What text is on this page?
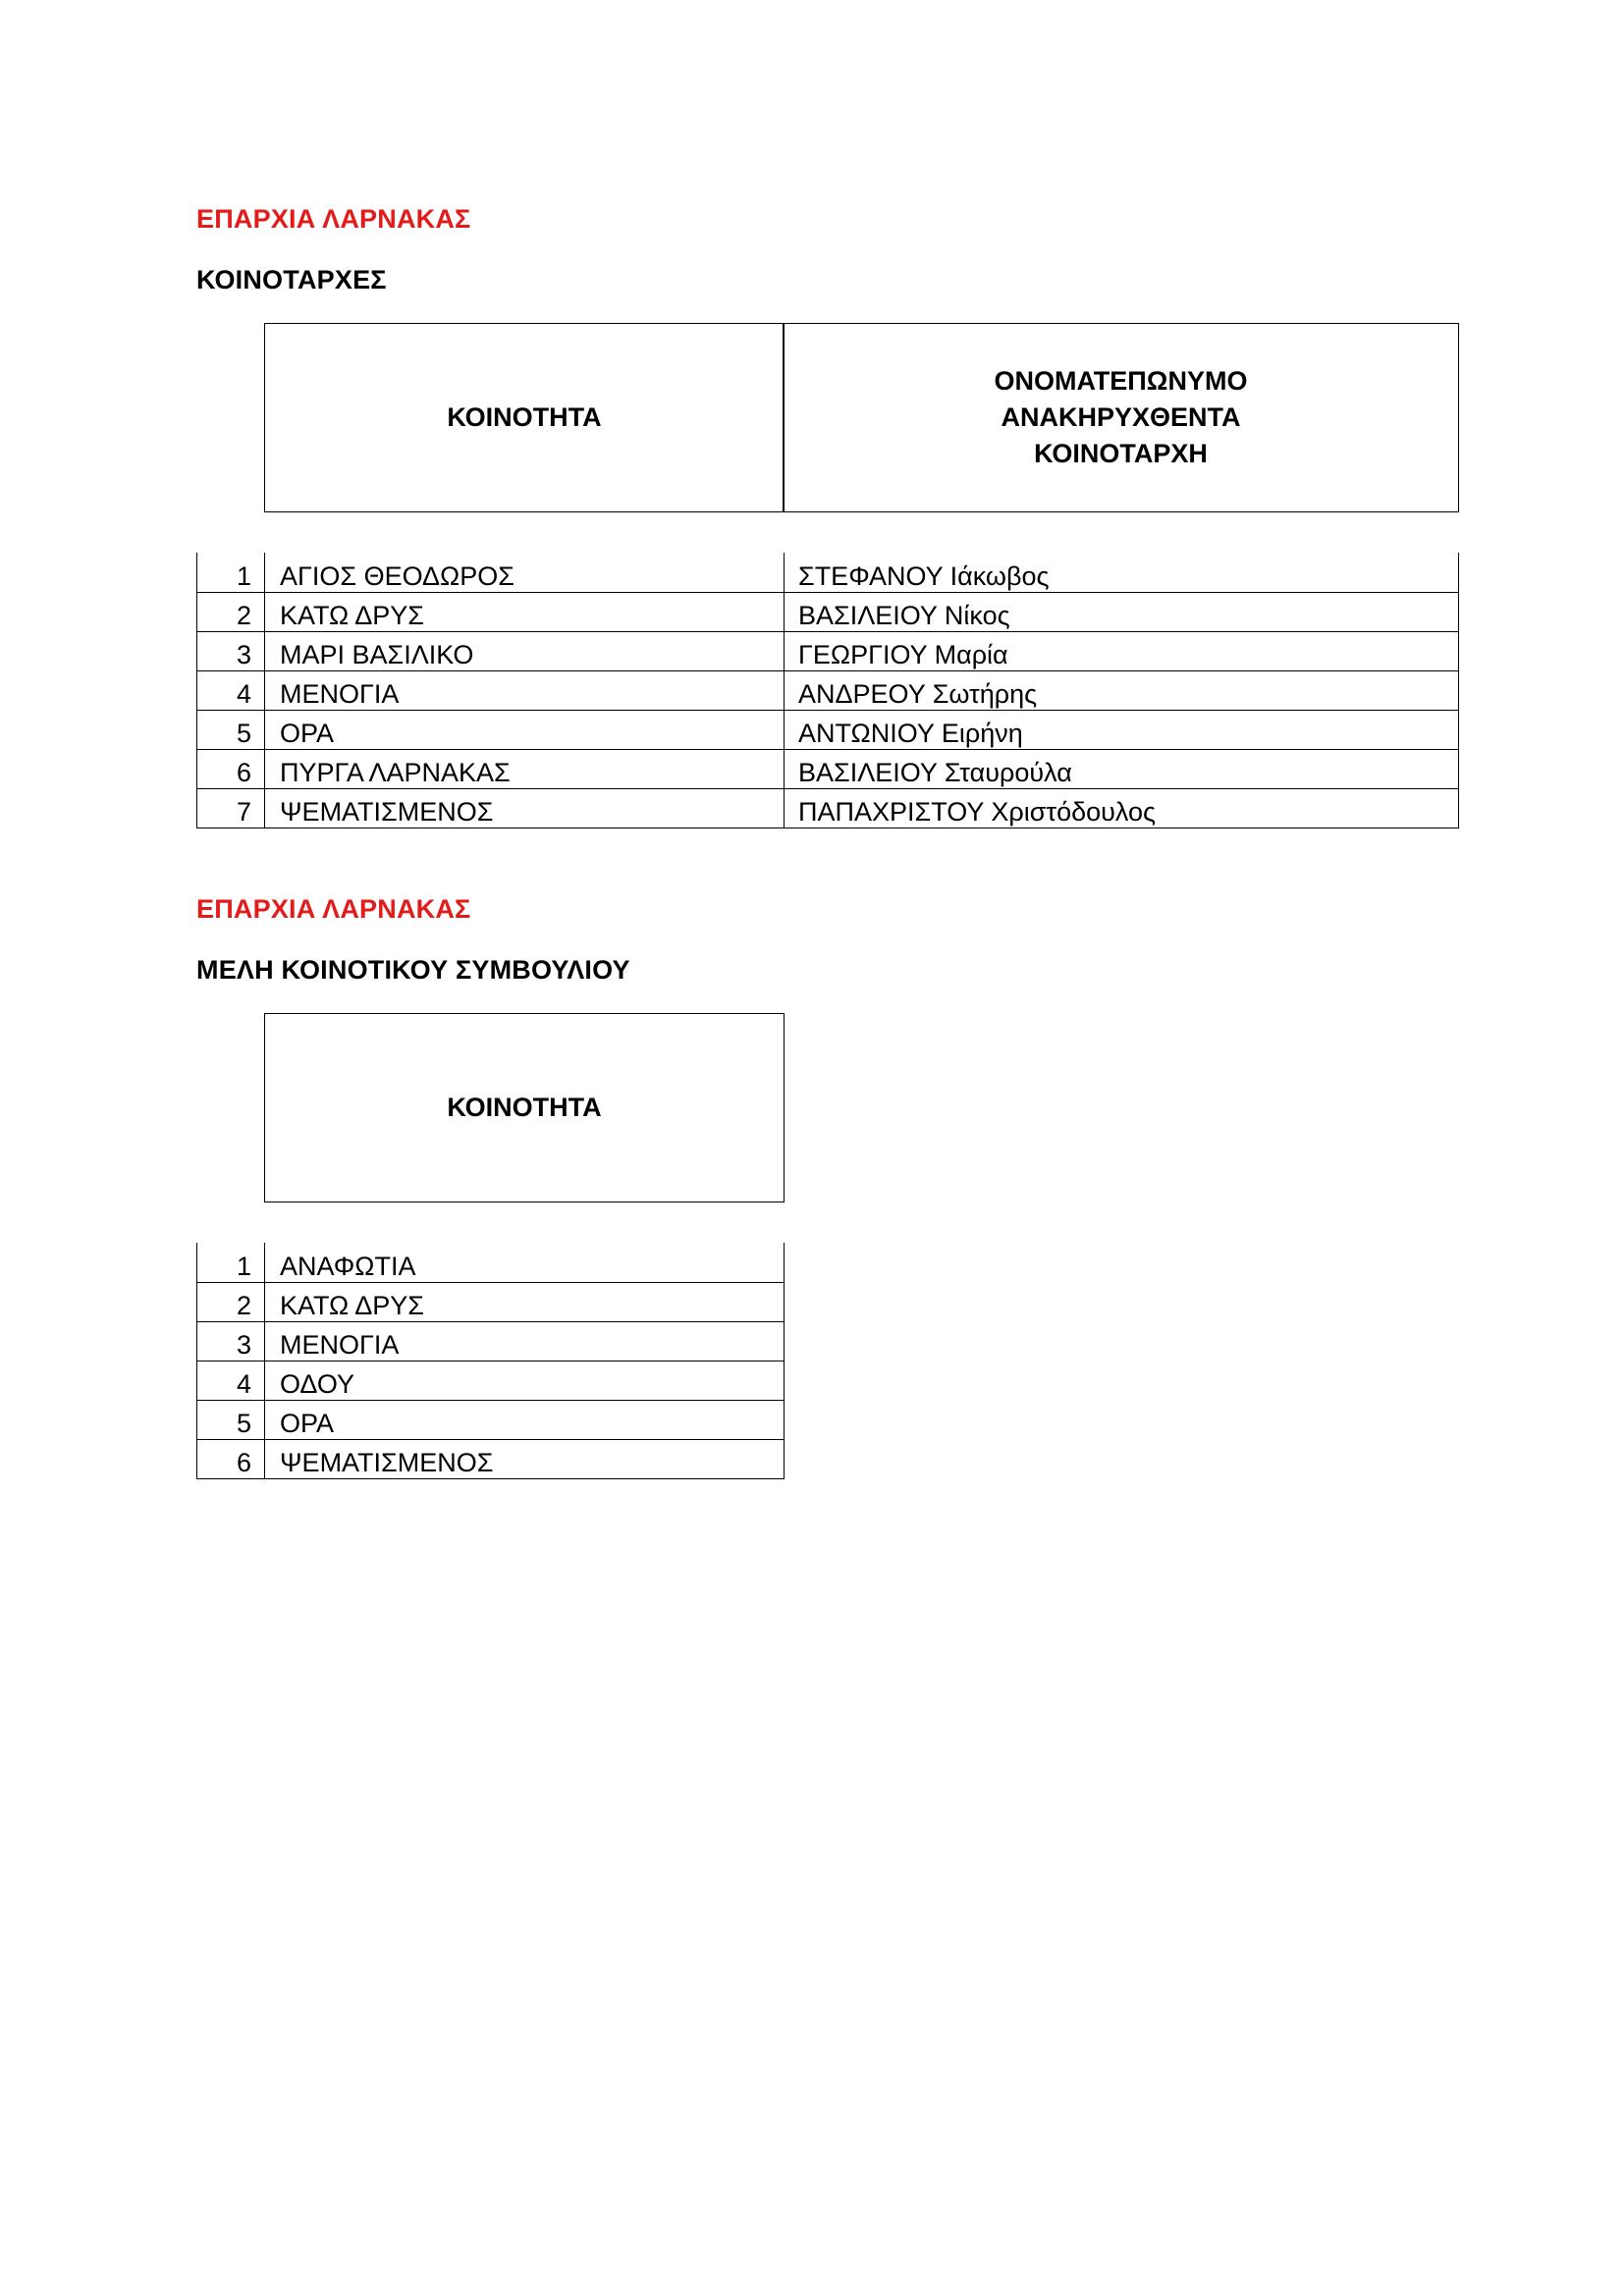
ΕΠΑΡΧΙΑ ΛΑΡΝΑΚΑΣ
ΚΟΙΝΟΤΑΡΧΕΣ
ΚΟΙΝΟΤΗΤΑ
ΟΝΟΜΑΤΕΠΩΝΥΜΟ
ΑΝΑΚΗΡΥΧΘΕΝΤΑ
ΚΟΙΝΟΤΑΡΧΗ
1	ΑΓΙΟΣ ΘΕΟΔΩΡΟΣ	ΣΤΕΦΑΝΟΥ Ιάκωβος
2	ΚΑΤΩ ΔΡΥΣ	ΒΑΣΙΛΕΙΟΥ Νίκος
3	ΜΑΡΙ ΒΑΣΙΛΙΚΟ	ΓΕΩΡΓΙΟΥ Μαρία
4	ΜΕΝΟΓΙΑ	ΑΝΔΡΕΟΥ Σωτήρης
5	ΟΡΑ	ΑΝΤΩΝΙΟΥ Ειρήνη
6	ΠΥΡΓΑ ΛΑΡΝΑΚΑΣ	ΒΑΣΙΛΕΙΟΥ Σταυρούλα
7	ΨΕΜΑΤΙΣΜΕΝΟΣ	ΠΑΠΑΧΡΙΣΤΟΥ Χριστόδουλος
ΕΠΑΡΧΙΑ ΛΑΡΝΑΚΑΣ
ΜΕΛΗ ΚΟΙΝΟΤΙΚΟΥ ΣΥΜΒΟΥΛΙΟΥ
ΚΟΙΝΟΤΗΤΑ
1	ΑΝΑΦΩΤΙΑ
2	ΚΑΤΩ ΔΡΥΣ
3	ΜΕΝΟΓΙΑ
4	ΟΔΟΥ
5	ΟΡΑ
6	ΨΕΜΑΤΙΣΜΕΝΟΣ
